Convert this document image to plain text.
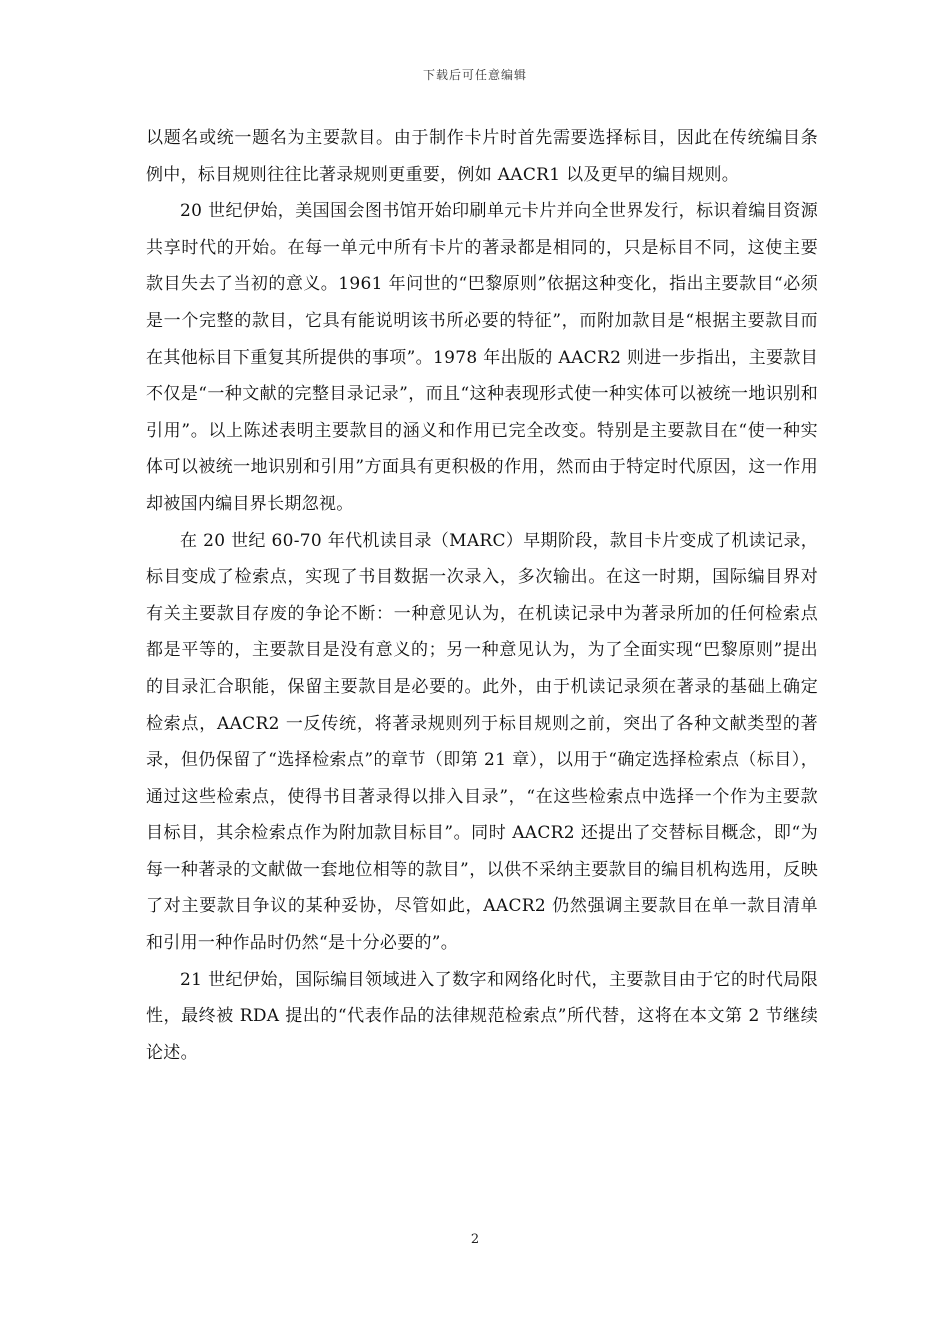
下载后可任意编辑

以题名或统一题名为主要款目。由于制作卡片时首先需要选择标目，因此在传统编目条例中，标目规则往往比著录规则更重要，例如 AACR1 以及更早的编目规则。

20 世纪伊始，美国国会图书馆开始印刷单元卡片并向全世界发行，标识着编目资源共享时代的开始。在每一单元中所有卡片的著录都是相同的，只是标目不同，这使主要款目失去了当初的意义。1961 年问世的“巴黎原则”依据这种变化，指出主要款目“必须是一个完整的款目，它具有能说明该书所必要的特征”，而附加款目是“根据主要款目而在其他标目下重复其所提供的事项”。1978 年出版的 AACR2 则进一步指出，主要款目不仅是“一种文献的完整目录记录”，而且“这种表现形式使一种实体可以被统一地识别和引用”。以上陈述表明主要款目的涵义和作用已完全改变。特别是主要款目在“使一种实体可以被统一地识别和引用”方面具有更积极的作用，然而由于特定时代原因，这一作用却被国内编目界长期忽视。

在 20 世纪 60-70 年代机读目录（MARC）早期阶段，款目卡片变成了机读记录，标目变成了检索点，实现了书目数据一次录入，多次输出。在这一时期，国际编目界对有关主要款目存废的争论不断：一种意见认为，在机读记录中为著录所加的任何检索点都是平等的，主要款目是没有意义的；另一种意见认为，为了全面实现“巴黎原则”提出的目录汇合职能，保留主要款目是必要的。此外，由于机读记录须在著录的基础上确定检索点，AACR2 一反传统，将著录规则列于标目规则之前，突出了各种文献类型的著录，但仍保留了“选择检索点”的章节（即第 21 章），以用于“确定选择检索点（标目），通过这些检索点，使得书目著录得以排入目录”，“在这些检索点中选择一个作为主要款目标目，其余检索点作为附加款目标目”。同时 AACR2 还提出了交替标目概念，即“为每一种著录的文献做一套地位相等的款目”，以供不采纳主要款目的编目机构选用，反映了对主要款目争议的某种妥协，尽管如此，AACR2 仍然强调主要款目在单一款目清单和引用一种作品时仍然“是十分必要的”。

21 世纪伊始，国际编目领域进入了数字和网络化时代，主要款目由于它的时代局限性，最终被 RDA 提出的“代表作品的法律规范检索点”所代替，这将在本文第 2 节继续论述。

2
